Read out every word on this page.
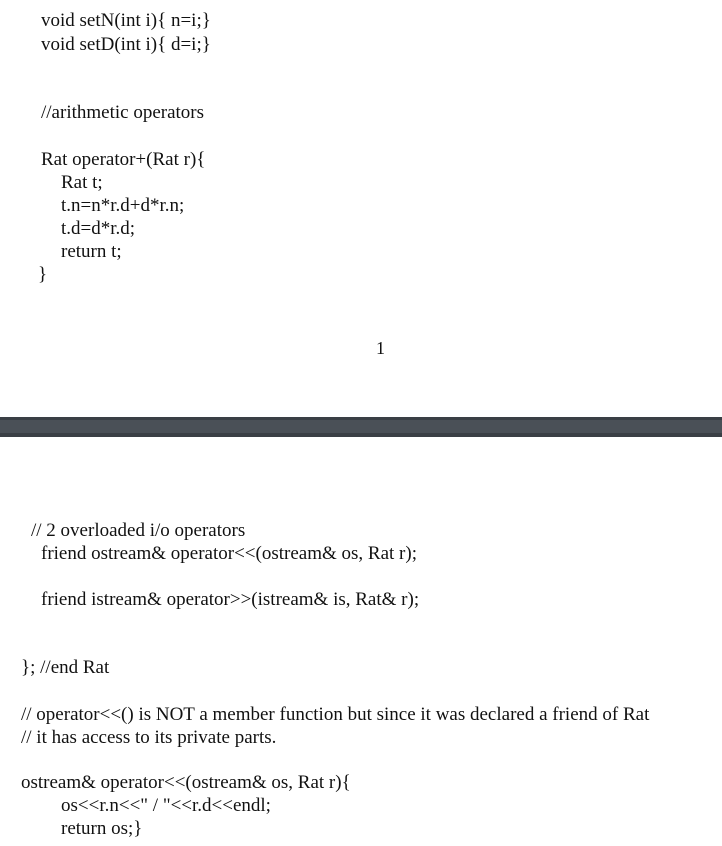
void setN(int i){ n=i;}
void setD(int i){ d=i;}
//arithmetic operators
Rat operator+(Rat r){
Rat t;
t.n=n*r.d+d*r.n;
t.d=d*r.d;
return t;
}
1
// 2 overloaded i/o operators
friend ostream& operator<<(ostream& os, Rat r);
friend istream& operator>>(istream& is, Rat& r);
}; //end Rat
// operator<<() is NOT a member function but since it was declared a friend of Rat
// it has access to its private parts.
ostream& operator<<(ostream& os, Rat r){
os<<r.n<<" / "<<r.d<<endl;
return os;}
